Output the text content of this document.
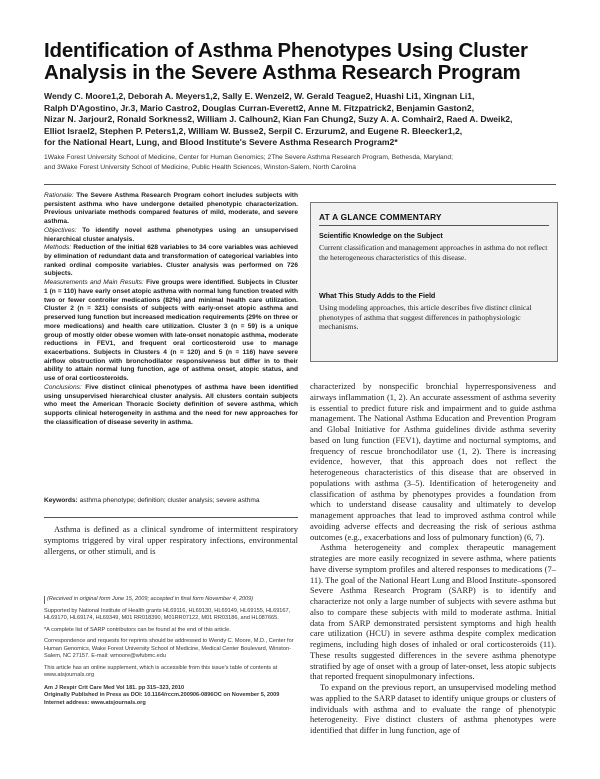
Identification of Asthma Phenotypes Using Cluster Analysis in the Severe Asthma Research Program
Wendy C. Moore1,2, Deborah A. Meyers1,2, Sally E. Wenzel2, W. Gerald Teague2, Huashi Li1, Xingnan Li1,
Ralph D'Agostino, Jr.3, Mario Castro2, Douglas Curran-Everett2, Anne M. Fitzpatrick2, Benjamin Gaston2,
Nizar N. Jarjour2, Ronald Sorkness2, William J. Calhoun2, Kian Fan Chung2, Suzy A. A. Comhair2, Raed A. Dweik2,
Elliot Israel2, Stephen P. Peters1,2, William W. Busse2, Serpil C. Erzurum2, and Eugene R. Bleecker1,2,
for the National Heart, Lung, and Blood Institute's Severe Asthma Research Program2*
1Wake Forest University School of Medicine, Center for Human Genomics; 2The Severe Asthma Research Program, Bethesda, Maryland;
and 3Wake Forest University School of Medicine, Public Health Sciences, Winston-Salem, North Carolina

Rationale: The Severe Asthma Research Program cohort includes subjects with persistent asthma who have undergone detailed phenotypic characterization. Previous univariate methods compared features of mild, moderate, and severe asthma.

Objectives: To identify novel asthma phenotypes using an unsupervised hierarchical cluster analysis.

Methods: Reduction of the initial 628 variables to 34 core variables was achieved by elimination of redundant data and transformation of categorical variables into ranked ordinal composite variables. Cluster analysis was performed on 726 subjects.

Measurements and Main Results: Five groups were identified. Subjects in Cluster 1 (n = 110) have early onset atopic asthma with normal lung function treated with two or fewer controller medications (82%) and minimal health care utilization. Cluster 2 (n = 321) consists of subjects with early-onset atopic asthma and preserved lung function but increased medication requirements (29% on three or more medications) and health care utilization. Cluster 3 (n = 59) is a unique group of mostly older obese women with late-onset nonatopic asthma, moderate reductions in FEV1, and frequent oral corticosteroid use to manage exacerbations. Subjects in Clusters 4 (n = 120) and 5 (n = 116) have severe airflow obstruction with bronchodilator responsiveness but differ in to their ability to attain normal lung function, age of asthma onset, atopic status, and use of oral corticosteroids.

Conclusions: Five distinct clinical phenotypes of asthma have been identified using unsupervised hierarchical cluster analysis. All clusters contain subjects who meet the American Thoracic Society definition of severe asthma, which supports clinical heterogeneity in asthma and the need for new approaches for the classification of disease severity in asthma.

Keywords: asthma phenotype; definition; cluster analysis; severe asthma
Asthma is defined as a clinical syndrome of intermittent respiratory symptoms triggered by viral upper respiratory infections, environmental allergens, or other stimuli, and is

(Received in original form June 15, 2009; accepted in final form November 4, 2009)

Supported by National Institute of Health grants HL69116, HL69130, HL69149, HL69155, HL69167, HL69170, HL69174, HL69349, M01 RR018390, M01RR07122, M01 RR03186, and HL087665.

*A complete list of SARP contributors can be found at the end of this article.

Correspondence and requests for reprints should be addressed to Wendy C. Moore, M.D., Center for Human Genomics, Wake Forest University School of Medicine, Medical Center Boulevard, Winston-Salem, NC 27157. E-mail: wmoore@wfubmc.edu

This article has an online supplement, which is accessible from this issue's table of contents at www.atsjournals.org

Am J Respir Crit Care Med Vol 181. pp 315–323, 2010
Originally Published in Press as DOI: 10.1164/rccm.200906-0896OC on November 5, 2009
Internet address: www.atsjournals.org
AT A GLANCE COMMENTARY
Scientific Knowledge on the Subject
Current classification and management approaches in asthma do not reflect the heterogeneous characteristics of this disease.
What This Study Adds to the Field
Using modeling approaches, this article describes five distinct clinical phenotypes of asthma that suggest differences in pathophysiologic mechanisms.

characterized by nonspecific bronchial hyperresponsiveness and airways inflammation (1, 2). An accurate assessment of asthma severity is essential to predict future risk and impairment and to guide asthma management. The National Asthma Education and Prevention Program and Global Initiative for Asthma guidelines divide asthma severity based on lung function (FEV1), daytime and nocturnal symptoms, and frequency of rescue bronchodilator use (1, 2). There is increasing evidence, however, that this approach does not reflect the heterogeneous characteristics of this disease that are observed in populations with asthma (3–5). Identification of heterogeneity and classification of asthma by phenotypes provides a foundation from which to understand disease causality and ultimately to develop management approaches that lead to improved asthma control while avoiding adverse effects and decreasing the risk of serious asthma outcomes (e.g., exacerbations and loss of pulmonary function) (6, 7).

Asthma heterogeneity and complex therapeutic management strategies are more easily recognized in severe asthma, where patients have diverse symptom profiles and altered responses to medications (7–11). The goal of the National Heart Lung and Blood Institute–sponsored Severe Asthma Research Program (SARP) is to identify and characterize not only a large number of subjects with severe asthma but also to compare these subjects with mild to moderate asthma. Initial data from SARP demonstrated persistent symptoms and high health care utilization (HCU) in severe asthma despite complex medication regimens, including high doses of inhaled or oral corticosteroids (11). These results suggested differences in the severe asthma phenotype stratified by age of onset with a group of later-onset, less atopic subjects that reported frequent sinopulmonary infections.

To expand on the previous report, an unsupervised modeling method was applied to the SARP dataset to identify unique groups or clusters of individuals with asthma and to evaluate the range of phenotypic heterogeneity. Five distinct clusters of asthma phenotypes were identified that differ in lung function, age of
